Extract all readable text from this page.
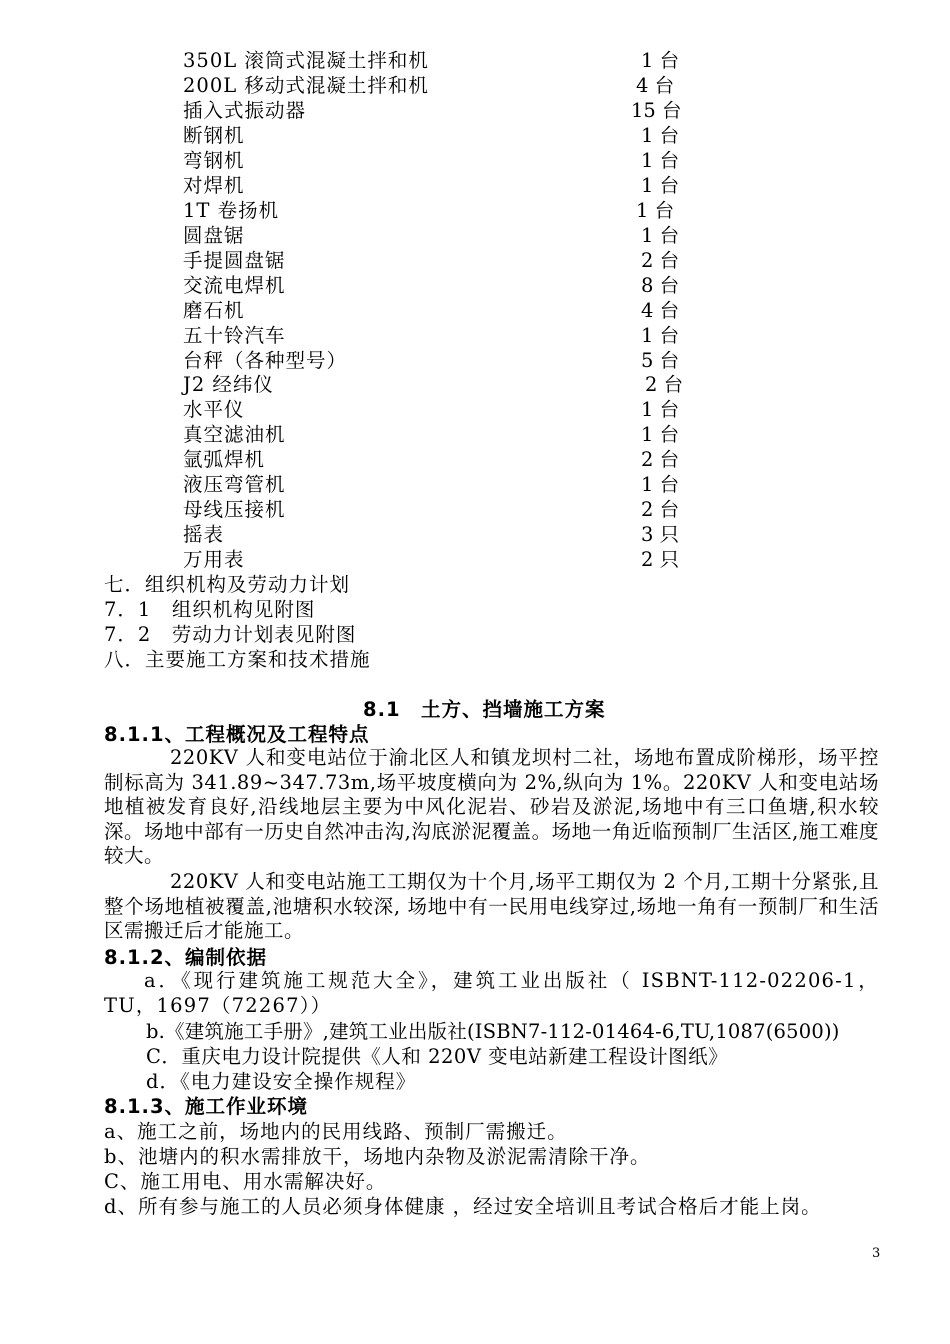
350L 滚筒式混凝土拌和机	1 台
200L 移动式混凝土拌和机	4 台
插入式振动器	15 台
断钢机	1 台
弯钢机	1 台
对焊机	1 台
1T 卷扬机	1 台
圆盘锯	1 台
手提圆盘锯	2 台
交流电焊机	8 台
磨石机	4 台
五十铃汽车	1 台
台秤（各种型号）	5 台
J2 经纬仪	2 台
水平仪	1 台
真空滤油机	1 台
氩弧焊机	2 台
液压弯管机	1 台
母线压接机	2 台
摇表	3 只
万用表	2 只
七．组织机构及劳动力计划
7．1　组织机构见附图
7．2　劳动力计划表见附图
八．主要施工方案和技术措施
8.1　土方、挡墙施工方案
8.1.1、工程概况及工程特点
220KV 人和变电站位于渝北区人和镇龙坝村二社，场地布置成阶梯形，场平控制标高为 341.89~347.73m,场平坡度横向为 2%,纵向为 1%。220KV 人和变电站场地植被发育良好,沿线地层主要为中风化泥岩、砂岩及淤泥,场地中有三口鱼塘,积水较深。场地中部有一历史自然冲击沟,沟底淤泥覆盖。场地一角近临预制厂生活区,施工难度较大。
220KV 人和变电站施工工期仅为十个月,场平工期仅为 2 个月,工期十分紧张,且整个场地植被覆盖,池塘积水较深, 场地中有一民用电线穿过,场地一角有一预制厂和生活区需搬迁后才能施工。
8.1.2、编制依据
a．《现行建筑施工规范大全》，建筑工业出版社（ ISBNT-112-02206-1，TU，1697（72267））
b.《建筑施工手册》,建筑工业出版社(ISBN7-112-01464-6,TU,1087(6500))
C．重庆电力设计院提供《人和 220V 变电站新建工程设计图纸》
d．《电力建设安全操作规程》
8.1.3、施工作业环境
a、施工之前，场地内的民用线路、预制厂需搬迁。
b、池塘内的积水需排放干，场地内杂物及淤泥需清除干净。
C、施工用电、用水需解决好。
d、所有参与施工的人员必须身体健康 ，经过安全培训且考试合格后才能上岗。
3
